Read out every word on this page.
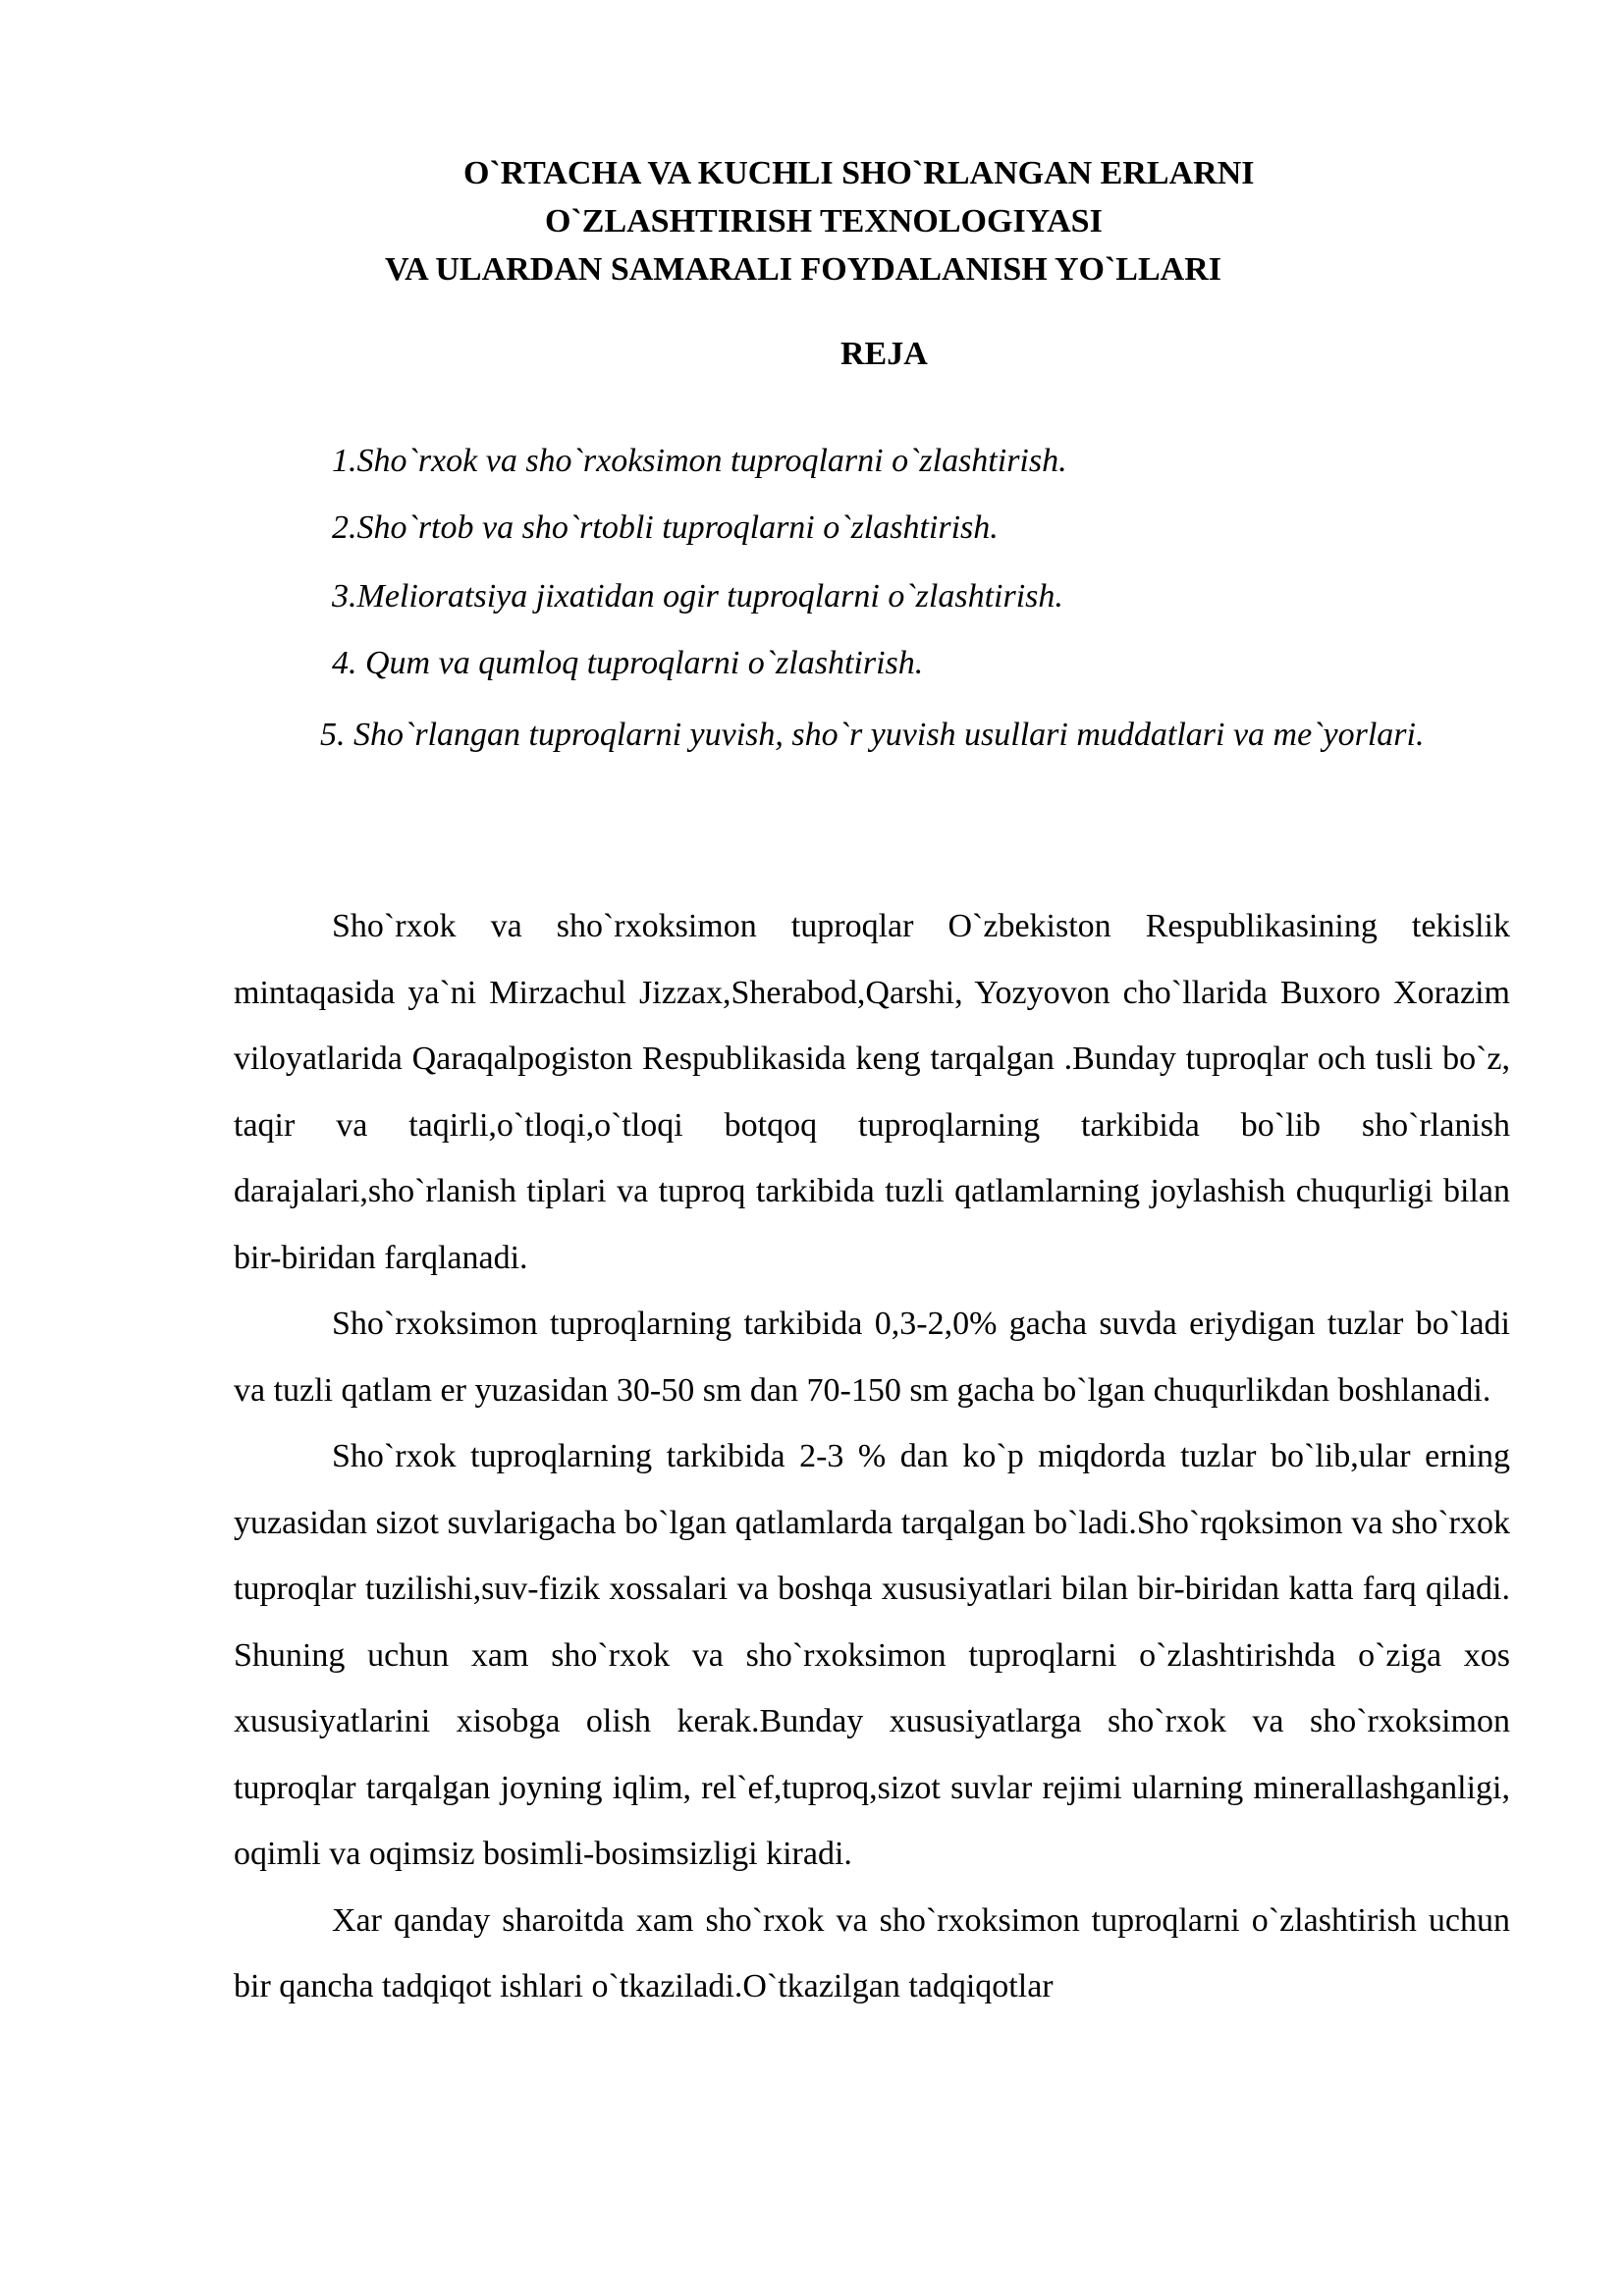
O`RTACHA VA KUCHLI SHO`RLANGAN ERLARNI
O`ZLASHTIRISH TEXNOLOGIYASI
VA ULARDAN SAMARALI FOYDALANISH YO`LLARI
REJA
1.Sho`rxok va sho`rxoksimon tuproqlarni o`zlashtirish.
2.Sho`rtob va sho`rtobli tuproqlarni o`zlashtirish.
3.Melioratsiya jixatidan ogir tuproqlarni o`zlashtirish.
4. Qum va qumloq tuproqlarni o`zlashtirish.
5. Sho`rlangan tuproqlarni yuvish, sho`r yuvish usullari muddatlari va me`yorlari.

Sho`rxok va sho`rxoksimon tuproqlar O`zbekiston Respublikasining tekislik mintaqasida ya`ni Mirzachul Jizzax,Sherabod,Qarshi, Yozyovon cho`llarida Buxoro Xorazim viloyatlarida Qaraqalpogiston Respublikasida keng tarqalgan .Bunday tuproqlar och tusli bo`z, taqir va taqirli,o`tloqi,o`tloqi botqoq tuproqlarning tarkibida bo`lib sho`rlanish darajalari,sho`rlanish tiplari va tuproq tarkibida tuzli qatlamlarning joylashish chuqurligi bilan bir-biridan farqlanadi.

Sho`rxoksimon tuproqlarning tarkibida 0,3-2,0% gacha suvda eriydigan tuzlar bo`ladi va tuzli qatlam er yuzasidan 30-50 sm dan 70-150 sm gacha bo`lgan chuqurlikdan boshlanadi.

Sho`rxok tuproqlarning tarkibida 2-3 % dan ko`p miqdorda tuzlar bo`lib,ular erning yuzasidan sizot suvlarigacha bo`lgan qatlamlarda tarqalgan bo`ladi.Sho`rqoksimon va sho`rxok tuproqlar tuzilishi,suv-fizik xossalari va boshqa xususiyatlari bilan bir-biridan katta farq qiladi. Shuning uchun xam sho`rxok va sho`rxoksimon tuproqlarni o`zlashtirishda o`ziga xos xususiyatlarini xisobga olish kerak.Bunday xususiyatlarga sho`rxok va sho`rxoksimon tuproqlar tarqalgan joyning iqlim, rel`ef,tuproq,sizot suvlar rejimi ularning minerallashganligi, oqimli va oqimsiz bosimli-bosimsizligi kiradi.

Xar qanday sharoitda xam sho`rxok va sho`rxoksimon tuproqlarni o`zlashtirish uchun bir qancha tadqiqot ishlari o`tkaziladi.O`tkazilgan tadqiqotlar
